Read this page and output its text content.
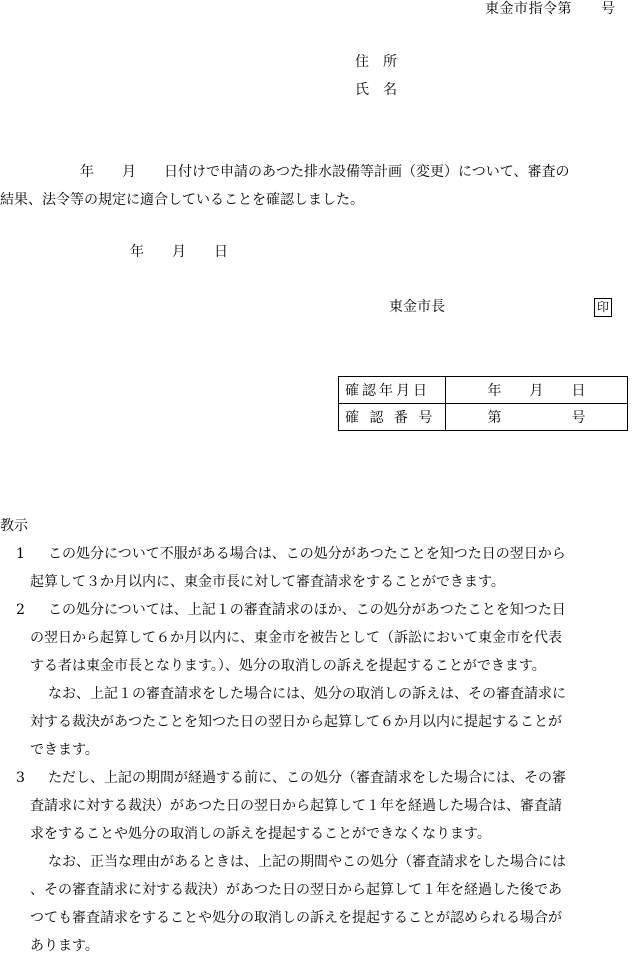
東金市指令第　　号
住　所
氏　名
年　　月　　日付けで申請のあつた排水設備等計画（変更）について、審査の
結果、法令等の規定に適合していることを確認しました。
年　　月　　日
東金市長	印
確認年月日	年　　月　　日
確 認 番 号	第　　　　　号
教示
1 この処分について不服がある場合は、この処分があつたことを知つた日の翌日から
起算して３か月以内に、東金市長に対して審査請求をすることができます。
2 この処分については、上記１の審査請求のほか、この処分があつたことを知つた日
の翌日から起算して６か月以内に、東金市を被告として（訴訟において東金市を代表
する者は東金市長となります。）、処分の取消しの訴えを提起することができます。
なお、上記１の審査請求をした場合には、処分の取消しの訴えは、その審査請求に
対する裁決があつたことを知つた日の翌日から起算して６か月以内に提起することが
できます。
3 ただし、上記の期間が経過する前に、この処分（審査請求をした場合には、その審
査請求に対する裁決）があつた日の翌日から起算して１年を経過した場合は、審査請
求をすることや処分の取消しの訴えを提起することができなくなります。
なお、正当な理由があるときは、上記の期間やこの処分（審査請求をした場合には
、その審査請求に対する裁決）があつた日の翌日から起算して１年を経過した後であ
つても審査請求をすることや処分の取消しの訴えを提起することが認められる場合が
あります。
